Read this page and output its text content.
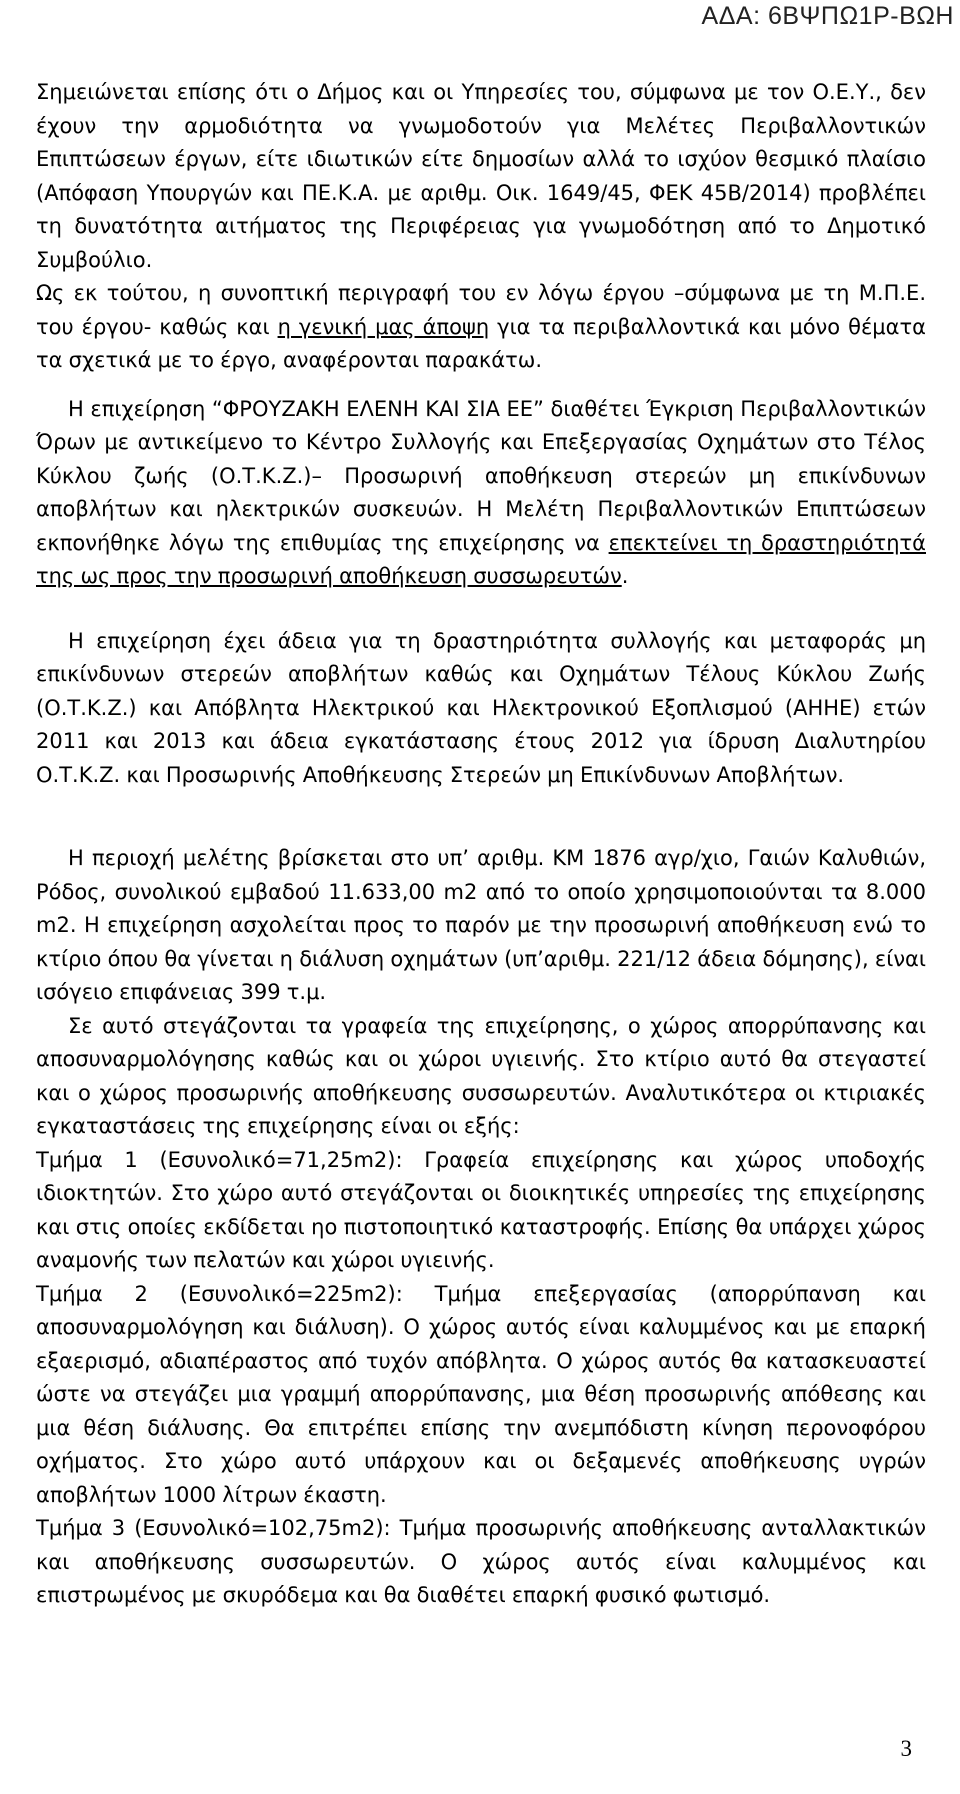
ΑΔΑ: 6ΒΨΠΩ1Ρ-ΒΩΗ

Σημειώνεται επίσης ότι ο Δήμος και οι Υπηρεσίες του, σύμφωνα με τον Ο.Ε.Υ., δεν έχουν την αρμοδιότητα να γνωμοδοτούν για Μελέτες Περιβαλλοντικών Επιπτώσεων έργων, είτε ιδιωτικών είτε δημοσίων αλλά το ισχύον θεσμικό πλαίσιο (Απόφαση Υπουργών και ΠΕ.Κ.Α. με αριθμ. Οικ. 1649/45, ΦΕΚ 45Β/2014) προβλέπει τη δυνατότητα αιτήματος της Περιφέρειας για γνωμοδότηση από το Δημοτικό Συμβούλιο.

Ως εκ τούτου, η συνοπτική περιγραφή του εν λόγω έργου –σύμφωνα με τη Μ.Π.Ε. του έργου- καθώς και η γενική μας άποψη για τα περιβαλλοντικά και μόνο θέματα τα σχετικά με το έργο, αναφέρονται παρακάτω.

Η επιχείρηση “ΦΡΟΥΖΑΚΗ ΕΛΕΝΗ ΚΑΙ ΣΙΑ ΕΕ” διαθέτει Έγκριση Περιβαλλοντικών Όρων με αντικείμενο το Κέντρο Συλλογής και Επεξεργασίας Οχημάτων στο Τέλος Κύκλου ζωής (Ο.Τ.Κ.Ζ.)– Προσωρινή αποθήκευση στερεών μη επικίνδυνων αποβλήτων και ηλεκτρικών συσκευών. Η Μελέτη Περιβαλλοντικών Επιπτώσεων εκπονήθηκε λόγω της επιθυμίας της επιχείρησης να επεκτείνει τη δραστηριότητά της ως προς την προσωρινή αποθήκευση συσσωρευτών.

Η επιχείρηση έχει άδεια για τη δραστηριότητα συλλογής και μεταφοράς μη επικίνδυνων στερεών αποβλήτων καθώς και Οχημάτων Τέλους Κύκλου Ζωής (Ο.Τ.Κ.Ζ.) και Απόβλητα Ηλεκτρικού και Ηλεκτρονικού Εξοπλισμού (ΑΗΗΕ) ετών 2011 και 2013 και άδεια εγκατάστασης έτους 2012 για ίδρυση Διαλυτηρίου Ο.Τ.Κ.Ζ. και Προσωρινής Αποθήκευσης Στερεών μη Επικίνδυνων Αποβλήτων.

Η περιοχή μελέτης βρίσκεται στο υπ’ αριθμ. ΚΜ 1876 αγρ/χιο, Γαιών Καλυθιών, Ρόδος, συνολικού εμβαδού 11.633,00 m2 από το οποίο χρησιμοποιούνται τα 8.000 m2. Η επιχείρηση ασχολείται προς το παρόν με την προσωρινή αποθήκευση ενώ το κτίριο όπου θα γίνεται η διάλυση οχημάτων (υπ’αριθμ. 221/12 άδεια δόμησης), είναι ισόγειο επιφάνειας 399 τ.μ.

Σε αυτό στεγάζονται τα γραφεία της επιχείρησης, ο χώρος απορρύπανσης και αποσυναρμολόγησης καθώς και οι χώροι υγιεινής. Στο κτίριο αυτό θα στεγαστεί και ο χώρος προσωρινής αποθήκευσης συσσωρευτών. Αναλυτικότερα οι κτιριακές εγκαταστάσεις της επιχείρησης είναι οι εξής:

Τμήμα 1 (Εσυνολικό=71,25m2): Γραφεία επιχείρησης και χώρος υποδοχής ιδιοκτητών. Στο χώρο αυτό στεγάζονται οι διοικητικές υπηρεσίες της επιχείρησης και στις οποίες εκδίδεται ηο πιστοποιητικό καταστροφής. Επίσης θα υπάρχει χώρος αναμονής των πελατών και χώροι υγιεινής.

Τμήμα 2 (Εσυνολικό=225m2): Τμήμα επεξεργασίας (απορρύπανση και αποσυναρμολόγηση και διάλυση). Ο χώρος αυτός είναι καλυμμένος και με επαρκή εξαερισμό, αδιαπέραστος από τυχόν απόβλητα. Ο χώρος αυτός θα κατασκευαστεί ώστε να στεγάζει μια γραμμή απορρύπανσης, μια θέση προσωρινής απόθεσης και μια θέση διάλυσης. Θα επιτρέπει επίσης την ανεμπόδιστη κίνηση περονοφόρου οχήματος. Στο χώρο αυτό υπάρχουν και οι δεξαμενές αποθήκευσης υγρών αποβλήτων 1000 λίτρων έκαστη.

Τμήμα 3 (Εσυνολικό=102,75m2): Τμήμα προσωρινής αποθήκευσης ανταλλακτικών και αποθήκευσης συσσωρευτών. Ο χώρος αυτός είναι καλυμμένος και επιστρωμένος με σκυρόδεμα και θα διαθέτει επαρκή φυσικό φωτισμό.

3
